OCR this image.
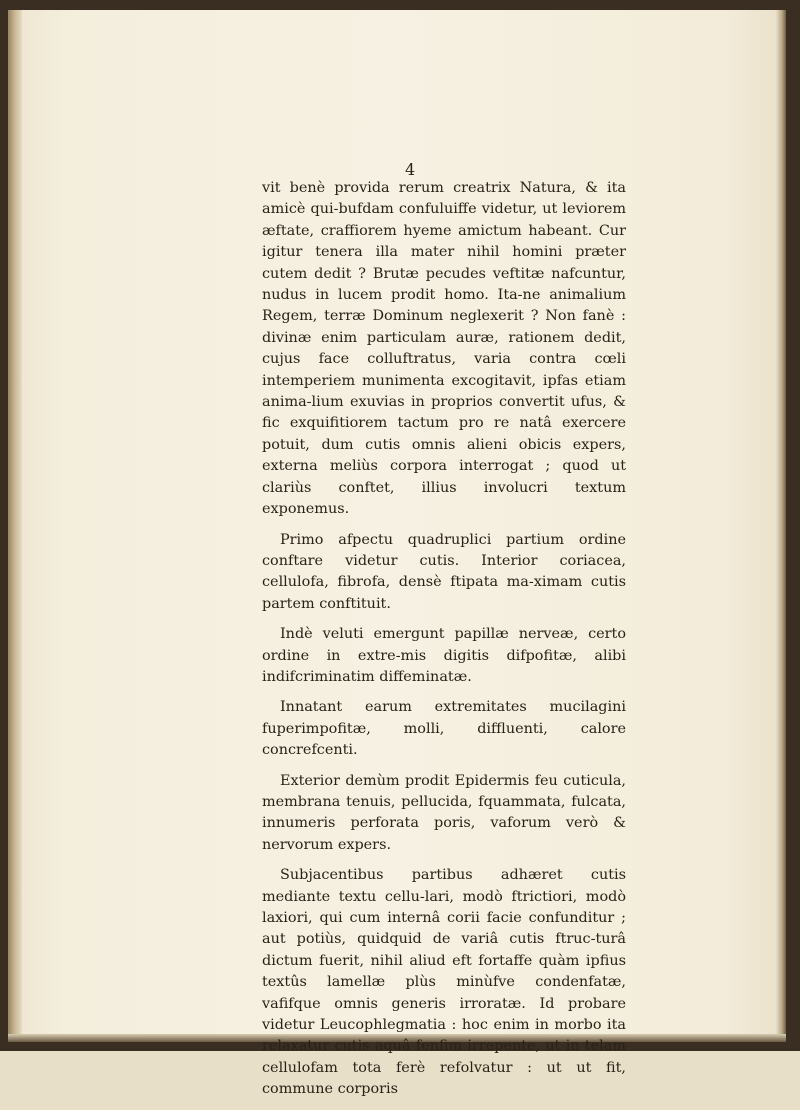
4

vit benè provida rerum creatrix Natura, & ita amicè qui-bufdam confuluiffe videtur, ut leviorem æftate, craffiorem hyeme amictum habeant. Cur igitur tenera illa mater nihil homini præter cutem dedit ? Brutæ pecudes veftitæ nafcuntur, nudus in lucem prodit homo. Ita-ne animalium Regem, terræ Dominum neglexerit ? Non fanè : divinæ enim particulam auræ, rationem dedit, cujus face colluftratus, varia contra cœli intemperiem munimenta excogitavit, ipfas etiam anima-lium exuvias in proprios convertit ufus, & fic exquifitiorem tactum pro re natâ exercere potuit, dum cutis omnis alieni obicis expers, externa meliùs corpora interrogat ; quod ut clariùs conftet, illius involucri textum exponemus.

Primo afpectu quadruplici partium ordine conftare videtur cutis. Interior coriacea, cellulofa, fibrofa, densè ftipata ma-ximam cutis partem conftituit.

Indè veluti emergunt papillæ nerveæ, certo ordine in extre-mis digitis difpofitæ, alibi indifcriminatim diffeminatæ.

Innatant earum extremitates mucilagini fuperimpofitæ, molli, diffluenti, calore concrefcenti.

Exterior demùm prodit Epidermis feu cuticula, membrana tenuis, pellucida, fquammata, fulcata, innumeris perforata poris, vaforum verò & nervorum expers.

Subjacentibus partibus adhæret cutis mediante textu cellu-lari, modò ftrictiori, modò laxiori, qui cum internâ corii facie confunditur ; aut potiùs, quidquid de variâ cutis ftruc-turâ dictum fuerit, nihil aliud eft fortaffe quàm ipfius textûs lamellæ plùs minùfve condenfatæ, vafifque omnis generis irroratæ. Id probare videtur Leucophlegmatia : hoc enim in morbo ita relaxatur cutis aquâ fenfim irrepente, ut in telam cellulofam tota ferè refolvatur : ut ut fit, commune corporis
